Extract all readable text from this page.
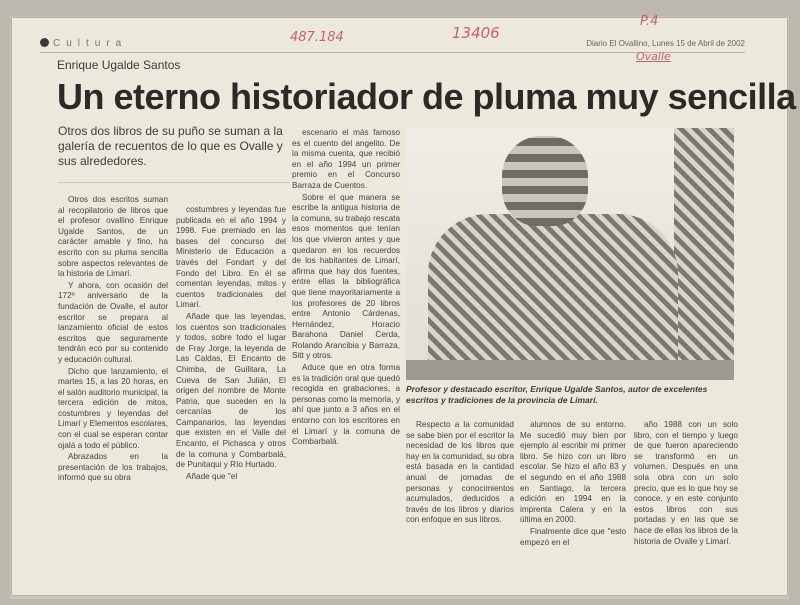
Cultura	Diario El Ovallino, Lunes 15 de Abril de 2002
487.184	13406
P.4
Ovalle
Enrique Ugalde Santos
Un eterno historiador de pluma muy sencilla
Otros dos libros de su puño se suman a la galería de recuentos de lo que es Ovalle y sus alrededores.

Otros dos escritos suman al recopilatorio de libros que el profesor ovallino Enrique Ugalde Santos, de un carácter amable y fino, ha escrito con su pluma sencilla sobre aspectos relevantes de la historia de Limarí.

Y ahora, con ocasión del 172º aniversario de la fundación de Ovalle, el autor escritor se prepara al lanzamiento oficial de estos escritos que seguramente tendrán eco por su contenido y educación cultural.

Dicho que lanzamiento, el martes 15, a las 20 horas, en el salón auditorio municipal, la tercera edición de mitos, costumbres y leyendas del Limarí y Elementos escolares, con el cual se esperan contar ojalá a todo el público.

Abrazados en la presentación de los trabajos, informó que su obra

costumbres y leyendas fue publicada en el año 1994 y 1998. Fue premiado en las bases del concurso del Ministerio de Educación a través del Fondart y del Fondo del Libro. En él se comentan leyendas, mitos y cuentos tradicionales del Limarí.

Añade que las leyendas, los cuentos son tradicionales y todos, sobre todo el lugar de Fray Jorge, la leyenda de Las Caldas, El Encanto de Chimba, de Guilitara, La Cueva de San Julián, El origen del nombre de Monte Patria, que suceden en la cercanías de los Campanarios, las leyendas que existen en el Valle del Encanto, el Pichasca y otros de la comuna y Combarbalá, de Punitaqui y Río Hurtado.

Añade que "el

escenario el más famoso es el cuento del angelito. De la misma cuenta, que recibió en el año 1994 un primer premio en el Concurso Barraza de Cuentos.

Sobre el que manera se escribe la antigua historia de la comuna, su trabajo rescata esos momentos que tenían los que vivieron antes y que quedaron en los recuerdos de los habitantes de Limarí, afirma que hay dos fuentes, entre ellas la bibliográfica que tiene mayoritariamente a los profesores de 20 libros entre Antonio Cárdenas, Hernández, Horacio Barahona Daniel Cerda, Rolando Arancibia y Barraza, Sitt y otros.

Aduce que en otra forma es la tradición oral que quedó recogida en grabaciones, a personas como la memoria, y ahí que junto a 3 años en el entorno con los escritores en el Limarí y la comuna de Combarbalá.

Profesor y destacado escritor, Enrique Ugalde Santos, autor de excelentes escritos y tradiciones de la provincia de Limarí.

Respecto a la comunidad se sabe bien por el escritor la necesidad de los libros que hay en la comunidad, su obra está basada en la cantidad anual de jornadas de personas y conocimientos acumulados, deducidos a través de los libros y diarios con enfoque en sus libros.

alumnos de su entorno. Me sucedió muy bien por ejemplo al escribir mi primer libro. Se hizo con un libro escolar. Se hizo el año 83 y el segundo en el año 1988 en Santiago, la tercera edición en 1994 en la imprenta Calera y en la última en 2000.

Finalmente dice que "esto empezó en el

año 1988 con un solo libro, con el tiempo y luego de que fueron apareciendo se transformó en un volumen. Después en una sola obra con un solo precio, que es lo que hoy se conoce, y en este conjunto estos libros con sus portadas y en las que se hace de ellas los libros de la historia de Ovalle y Limarí.
